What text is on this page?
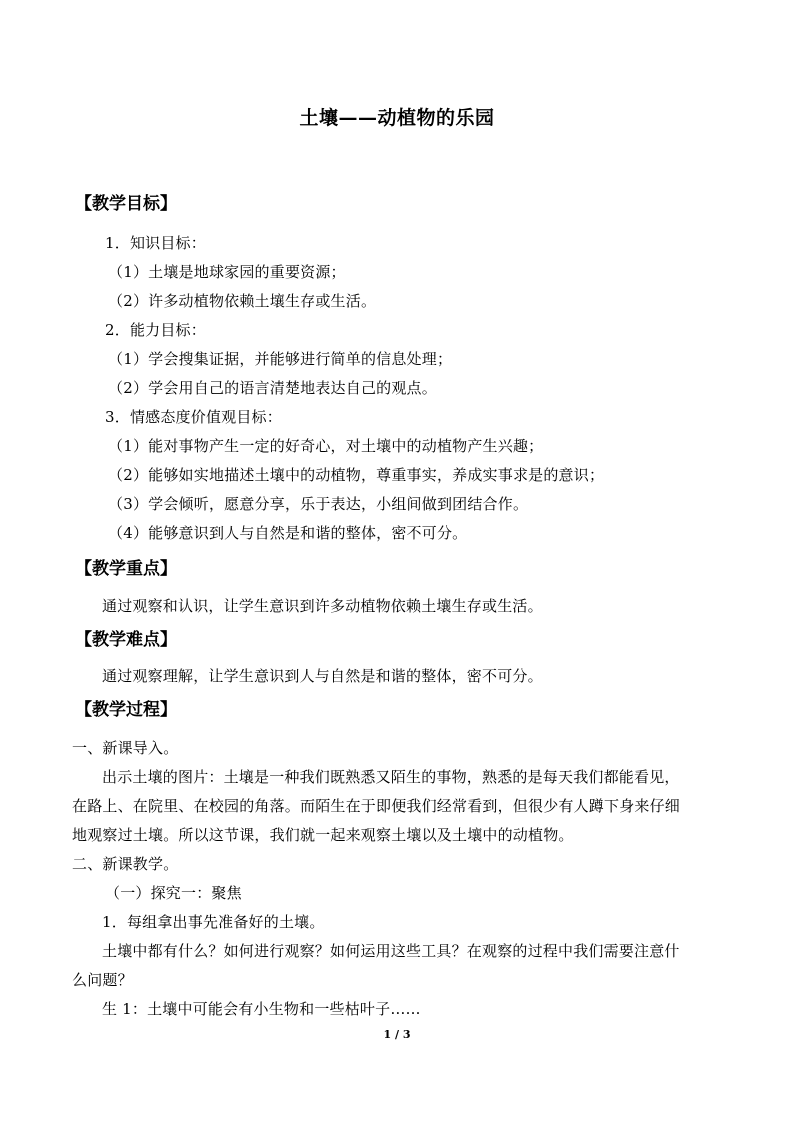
土壤——动植物的乐园
【教学目标】
1．知识目标：
（1）土壤是地球家园的重要资源；
（2）许多动植物依赖土壤生存或生活。
2．能力目标：
（1）学会搜集证据，并能够进行简单的信息处理；
（2）学会用自己的语言清楚地表达自己的观点。
3．情感态度价值观目标：
（1）能对事物产生一定的好奇心，对土壤中的动植物产生兴趣；
（2）能够如实地描述土壤中的动植物，尊重事实，养成实事求是的意识；
（3）学会倾听，愿意分享，乐于表达，小组间做到团结合作。
（4）能够意识到人与自然是和谐的整体，密不可分。
【教学重点】
通过观察和认识，让学生意识到许多动植物依赖土壤生存或生活。
【教学难点】
通过观察理解，让学生意识到人与自然是和谐的整体，密不可分。
【教学过程】
一、新课导入。
出示土壤的图片：土壤是一种我们既熟悉又陌生的事物，熟悉的是每天我们都能看见，
在路上、在院里、在校园的角落。而陌生在于即便我们经常看到，但很少有人蹲下身来仔细
地观察过土壤。所以这节课，我们就一起来观察土壤以及土壤中的动植物。
二、新课教学。
（一）探究一：聚焦
1．每组拿出事先准备好的土壤。
土壤中都有什么？如何进行观察？如何运用这些工具？在观察的过程中我们需要注意什
么问题？
生 1：土壤中可能会有小生物和一些枯叶子……
1 / 3
